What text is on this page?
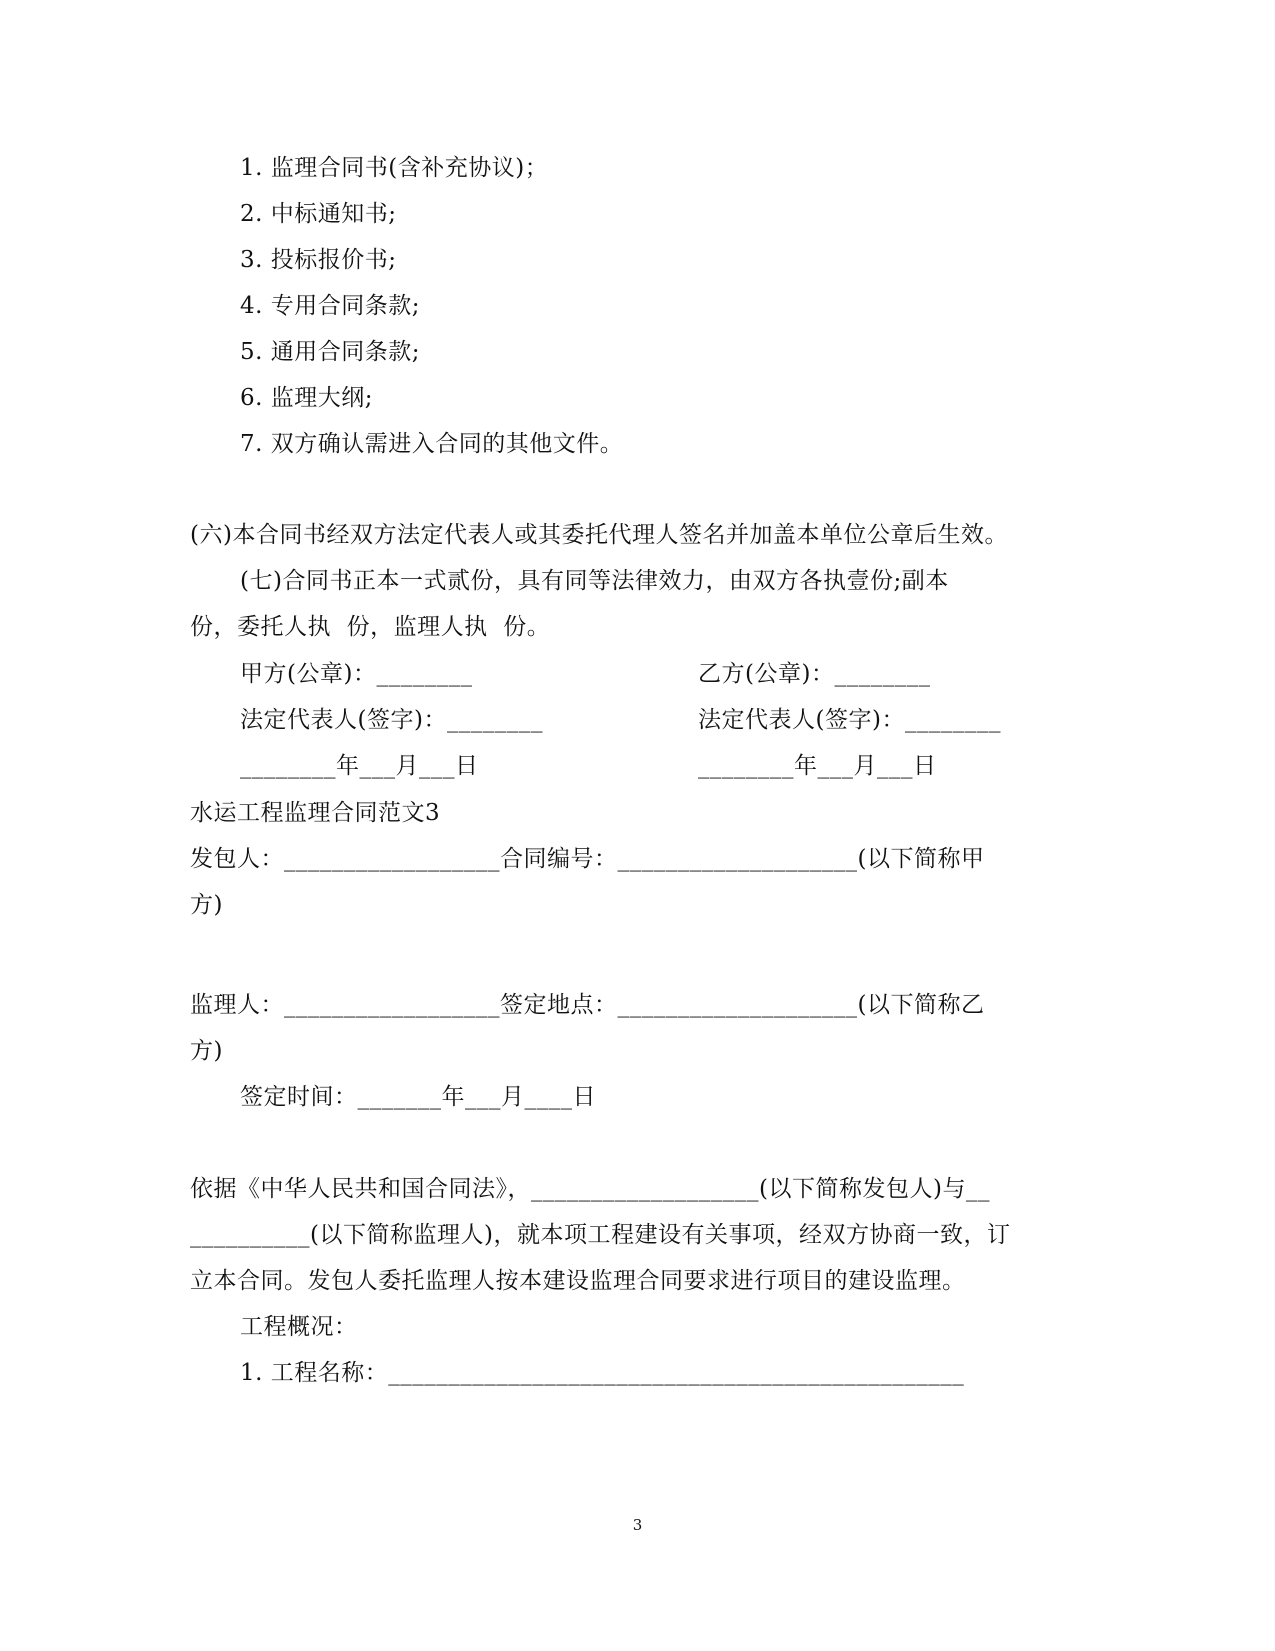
1. 监理合同书(含补充协议)；
2. 中标通知书;
3. 投标报价书;
4. 专用合同条款;
5. 通用合同条款;
6. 监理大纲;
7. 双方确认需进入合同的其他文件。
(六)本合同书经双方法定代表人或其委托代理人签名并加盖本单位公章后生效。
(七)合同书正本一式贰份，具有同等法律效力，由双方各执壹份;副本
份，委托人执  份，监理人执  份。
甲方(公章)：________	乙方(公章)：________
法定代表人(签字)：________	法定代表人(签字)：________
________年___月___日	________年___月___日
水运工程监理合同范文3
发包人：__________________合同编号：____________________(以下简称甲
方)
监理人：__________________签定地点：____________________(以下简称乙
方)
签定时间：_______年___月____日
依据《中华人民共和国合同法》，___________________(以下简称发包人)与__
__________(以下简称监理人)，就本项工程建设有关事项，经双方协商一致，订
立本合同。发包人委托监理人按本建设监理合同要求进行项目的建设监理。
工程概况：
1. 工程名称：________________________________________________
3
